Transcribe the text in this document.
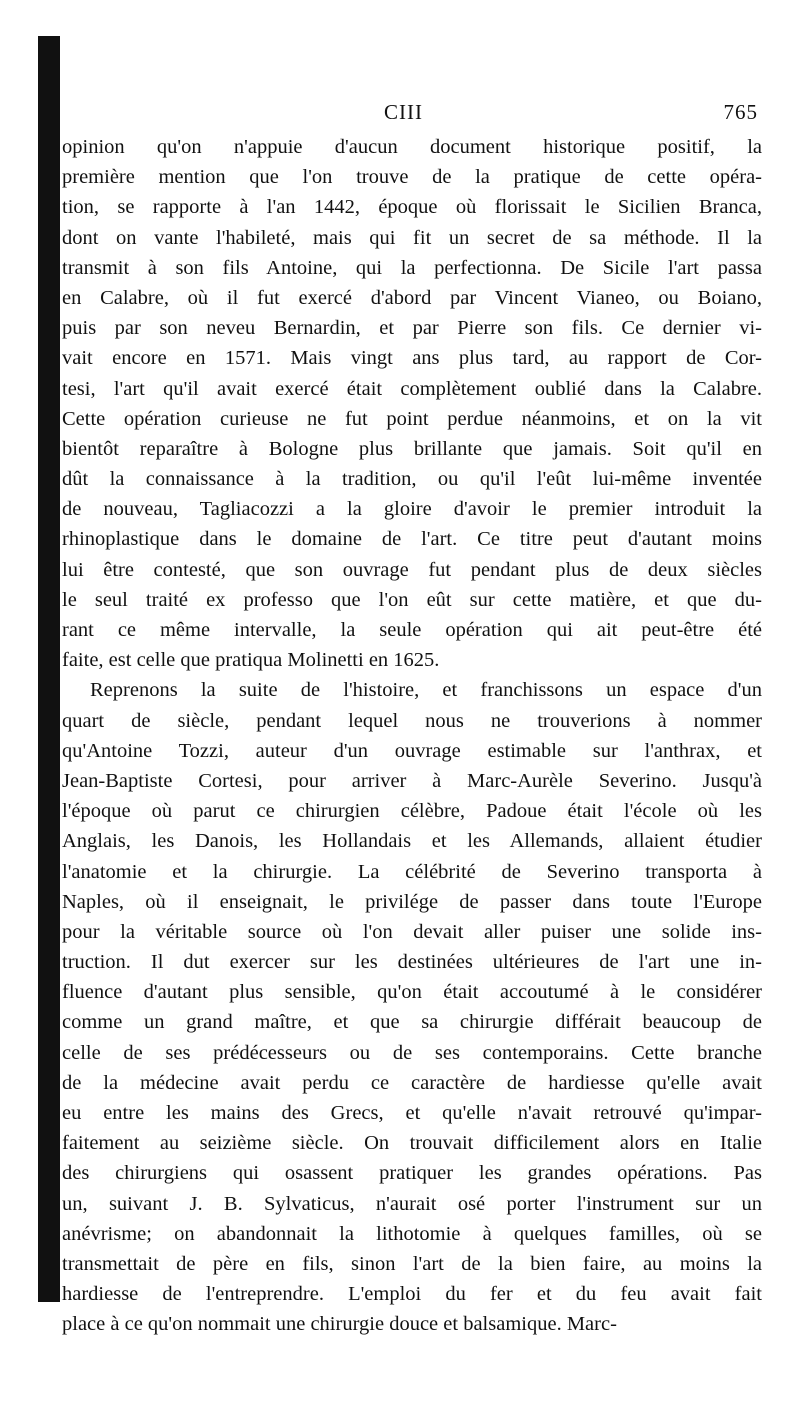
CIII	765
opinion qu'on n'appuie d'aucun document historique positif, la
première mention que l'on trouve de la pratique de cette opéra-
tion, se rapporte à l'an 1442, époque où florissait le Sicilien Branca,
dont on vante l'habileté, mais qui fit un secret de sa méthode. Il la
transmit à son fils Antoine, qui la perfectionna. De Sicile l'art passa
en Calabre, où il fut exercé d'abord par Vincent Vianeo, ou Boiano,
puis par son neveu Bernardin, et par Pierre son fils. Ce dernier vi-
vait encore en 1571. Mais vingt ans plus tard, au rapport de Cor-
tesi, l'art qu'il avait exercé était complètement oublié dans la Calabre.
Cette opération curieuse ne fut point perdue néanmoins, et on la vit
bientôt reparaître à Bologne plus brillante que jamais. Soit qu'il en
dût la connaissance à la tradition, ou qu'il l'eût lui-même inventée
de nouveau, Tagliacozzi a la gloire d'avoir le premier introduit la
rhinoplastique dans le domaine de l'art. Ce titre peut d'autant moins
lui être contesté, que son ouvrage fut pendant plus de deux siècles
le seul traité ex professo que l'on eût sur cette matière, et que du-
rant ce même intervalle, la seule opération qui ait peut-être été
faite, est celle que pratiqua Molinetti en 1625.
Reprenons la suite de l'histoire, et franchissons un espace d'un
quart de siècle, pendant lequel nous ne trouverions à nommer
qu'Antoine Tozzi, auteur d'un ouvrage estimable sur l'anthrax, et
Jean-Baptiste Cortesi, pour arriver à Marc-Aurèle Severino. Jusqu'à
l'époque où parut ce chirurgien célèbre, Padoue était l'école où les
Anglais, les Danois, les Hollandais et les Allemands, allaient étudier
l'anatomie et la chirurgie. La célébrité de Severino transporta à
Naples, où il enseignait, le privilége de passer dans toute l'Europe
pour la véritable source où l'on devait aller puiser une solide ins-
truction. Il dut exercer sur les destinées ultérieures de l'art une in-
fluence d'autant plus sensible, qu'on était accoutumé à le considérer
comme un grand maître, et que sa chirurgie différait beaucoup de
celle de ses prédécesseurs ou de ses contemporains. Cette branche
de la médecine avait perdu ce caractère de hardiesse qu'elle avait
eu entre les mains des Grecs, et qu'elle n'avait retrouvé qu'impar-
faitement au seizième siècle. On trouvait difficilement alors en Italie
des chirurgiens qui osassent pratiquer les grandes opérations. Pas
un, suivant J. B. Sylvaticus, n'aurait osé porter l'instrument sur un
anévrisme; on abandonnait la lithotomie à quelques familles, où se
transmettait de père en fils, sinon l'art de la bien faire, au moins la
hardiesse de l'entreprendre. L'emploi du fer et du feu avait fait
place à ce qu'on nommait une chirurgie douce et balsamique. Marc-
